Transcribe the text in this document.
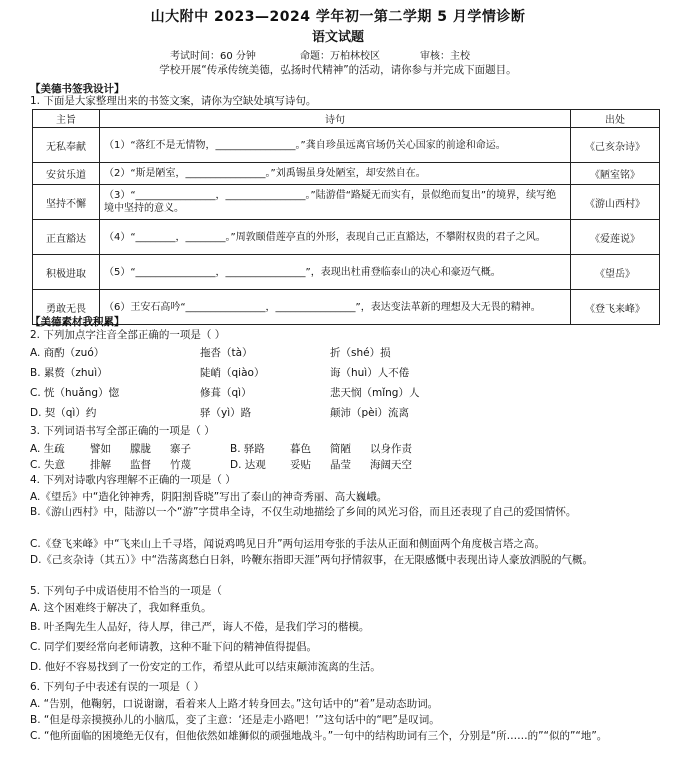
山大附中 2023—2024 学年初一第二学期 5 月学情诊断
语文试题
考试时间：60 分钟	命题：万柏林校区	审核：主校
学校开展“传承传统美德，弘扬时代精神”的活动，请你参与并完成下面题目。
【美德书签我设计】
1. 下面是大家整理出来的书签文案，请你为空缺处填写诗句。
主旨	诗句	出处
无私奉献	（1）“落红不是无情物，________________。”龚自珍虽远离官场仍关心国家的前途和命运。	《己亥杂诗》
安贫乐道	（2）“斯是陋室，________________。”刘禹锡虽身处陋室，却安然自在。	《陋室铭》
坚持不懈	（3）“________________，________________。”陆游借“路疑无而实有，景似绝而复出”的境界，续写绝境中坚持的意义。	《游山西村》
正直豁达	（4）“________，________。”周敦颐借莲亭直的外形，表现自己正直豁达，不攀附权贵的君子之风。	《爱莲说》
积极进取	（5）“________________，________________”，表现出杜甫登临泰山的决心和豪迈气概。	《望岳》
勇敢无畏	（6）王安石高吟“________________，________________”，表达变法革新的理想及大无畏的精神。	《登飞来峰》
【美德素材我积累】
2. 下列加点字注音全部正确的一项是（ ）
A. 商酌（zuó）	拖沓（tà）	折（shé）损
B. 累赘（zhuì）	陡峭（qiào）	诲（huì）人不倦
C. 恍（huǎng）惚	修葺（qì）	悲天悯（mǐng）人
D. 契（qì）约	驿（yì）路	颠沛（pèi）流离
3. 下列词语书写全部正确的一项是（ ）
A. 生疏 譬如 朦胧 寨子	B. 驿路 暮色 简陋 以身作责
C. 失意 排解 监督 竹蔑	D. 达观 妥贴 晶莹 海阔天空
4. 下列对诗歌内容理解不正确的一项是（ ）
A.《望岳》中“造化钟神秀，阴阳割昏晓”写出了泰山的神奇秀丽、高大巍峨。
B.《游山西村》中，陆游以一个“游”字贯串全诗，不仅生动地描绘了乡间的风光习俗，而且还表现了自己的爱国情怀。
C.《登飞来峰》中“飞来山上千寻塔，闻说鸡鸣见日升”两句运用夸张的手法从正面和侧面两个角度极言塔之高。
D.《己亥杂诗（其五）》中“浩荡离愁白日斜，吟鞭东指即天涯”两句抒情叙事，在无限感慨中表现出诗人豪放洒脱的气概。
5. 下列句子中成语使用不恰当的一项是（
A. 这个困难终于解决了，我如释重负。
B. 叶圣陶先生人品好，待人厚，律己严，诲人不倦，是我们学习的楷模。
C. 同学们要经常向老师请教，这种不耻下问的精神值得提倡。
D. 他好不容易找到了一份安定的工作，希望从此可以结束颠沛流离的生活。
6. 下列句子中表述有误的一项是（ ）
A. “告别，他鞠躬，口说谢谢，看着来人上路才转身回去。”这句话中的“着”是动态助词。
B. “但是母亲摸摸孙儿的小脑瓜，变了主意：‘还是走小路吧！’”这句话中的“吧”是叹词。
C. “他所面临的困境绝无仅有，但他依然如雄狮似的顽强地战斗。”一句中的结构助词有三个，分别是“所……的”“似的”“地”。
